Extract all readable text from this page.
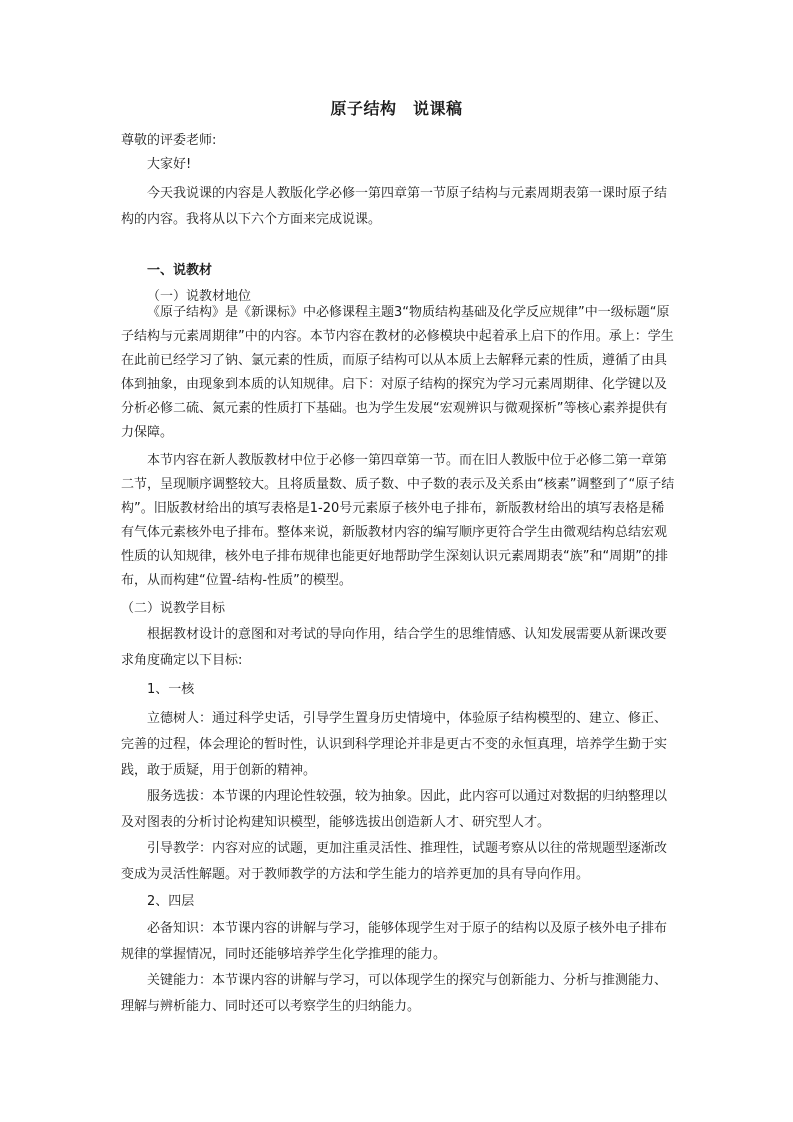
原子结构　说课稿

尊敬的评委老师:

大家好!

今天我说课的内容是人教版化学必修一第四章第一节原子结构与元素周期表第一课时原子结构的内容。我将从以下六个方面来完成说课。

一、说教材

（一）说教材地位

《原子结构》是《新课标》中必修课程主题3“物质结构基础及化学反应规律”中一级标题“原子结构与元素周期律”中的内容。本节内容在教材的必修模块中起着承上启下的作用。承上：学生在此前已经学习了钠、氯元素的性质，而原子结构可以从本质上去解释元素的性质，遵循了由具体到抽象，由现象到本质的认知规律。启下：对原子结构的探究为学习元素周期律、化学键以及分析必修二硫、氮元素的性质打下基础。也为学生发展“宏观辨识与微观探析”等核心素养提供有力保障。

本节内容在新人教版教材中位于必修一第四章第一节。而在旧人教版中位于必修二第一章第二节，呈现顺序调整较大。且将质量数、质子数、中子数的表示及关系由“核素”调整到了“原子结构”。旧版教材给出的填写表格是1-20号元素原子核外电子排布，新版教材给出的填写表格是稀有气体元素核外电子排布。整体来说，新版教材内容的编写顺序更符合学生由微观结构总结宏观性质的认知规律，核外电子排布规律也能更好地帮助学生深刻认识元素周期表“族”和“周期”的排布，从而构建“位置-结构-性质”的模型。

（二）说教学目标

根据教材设计的意图和对考试的导向作用，结合学生的思维情感、认知发展需要从新课改要求角度确定以下目标:

1、一核

立德树人：通过科学史话，引导学生置身历史情境中，体验原子结构模型的、建立、修正、完善的过程，体会理论的暂时性，认识到科学理论并非是更古不变的永恒真理，培养学生勤于实践，敢于质疑，用于创新的精神。

服务选拔：本节课的内理论性较强，较为抽象。因此，此内容可以通过对数据的归纳整理以及对图表的分析讨论构建知识模型，能够选拔出创造新人才、研究型人才。

引导教学：内容对应的试题，更加注重灵活性、推理性，试题考察从以往的常规题型逐渐改变成为灵活性解题。对于教师教学的方法和学生能力的培养更加的具有导向作用。

2、四层

必备知识：本节课内容的讲解与学习，能够体现学生对于原子的结构以及原子核外电子排布规律的掌握情况，同时还能够培养学生化学推理的能力。

关键能力：本节课内容的讲解与学习，可以体现学生的探究与创新能力、分析与推测能力、理解与辨析能力、同时还可以考察学生的归纳能力。
